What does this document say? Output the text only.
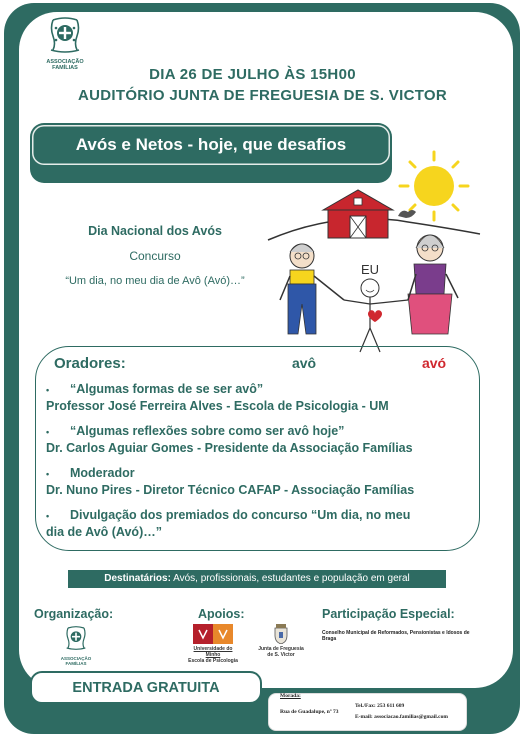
ASSOCIAÇÃO
FAMÍLIAS	DIA 26 DE JULHO ÀS 15H00
AUDITÓRIO JUNTA DE FREGUESIA DE S. VICTOR
Avós e Netos - hoje, que desafios
Dia Nacional dos Avós
Concurso
“Um dia, no meu dia de Avô (Avó)…”
avô
EU
avó
Oradores:
• “Algumas formas de se ser avô”
Professor José Ferreira Alves - Escola de Psicologia - UM
• “Algumas reflexões sobre como ser avô hoje”
Dr. Carlos Aguiar Gomes - Presidente da Associação Famílias
• Moderador
Dr. Nuno Pires - Diretor Técnico CAFAP - Associação Famílias
• Divulgação dos premiados do concurso “Um dia, no meu
dia de Avô (Avó)…”
Destinatários: Avós, profissionais, estudantes e população em geral
Organização:	Apoios:	Participação Especial:
ASSOCIAÇÃO
FAMÍLIAS
Universidade do Minho
Escola de Psicologia
Junta de Freguesia
de S. Victor
Conselho Municipal de Reformados, Pensionistas e Idosos de Braga
ENTRADA GRATUITA
Morada:
Rua de Guadalupe, nº 73
Tel./Fax: 253 611 609
E-mail: associacao.familias@gmail.com
